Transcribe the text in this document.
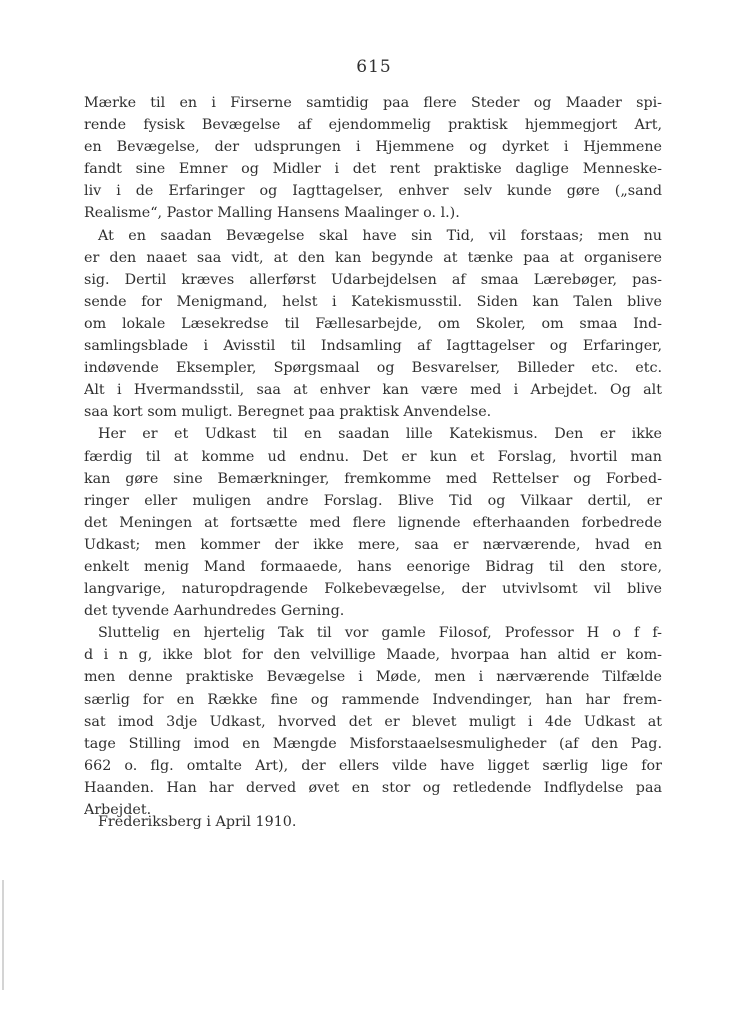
615
Mærke til en i Firserne samtidig paa flere Steder og Maader spi-
rende fysisk Bevægelse af ejendommelig praktisk hjemmegjort Art,
en Bevægelse, der udsprungen i Hjemmene og dyrket i Hjemmene
fandt sine Emner og Midler i det rent praktiske daglige Menneske-
liv i de Erfaringer og Iagttagelser, enhver selv kunde gøre („sand
Realisme“, Pastor Malling Hansens Maalinger o. l.).
At en saadan Bevægelse skal have sin Tid, vil forstaas; men nu
er den naaet saa vidt, at den kan begynde at tænke paa at organisere
sig. Dertil kræves allerførst Udarbejdelsen af smaa Lærebøger, pas-
sende for Menigmand, helst i Katekismusstil. Siden kan Talen blive
om lokale Læsekredse til Fællesarbejde, om Skoler, om smaa Ind-
samlingsblade i Avisstil til Indsamling af Iagttagelser og Erfaringer,
indøvende Eksempler, Spørgsmaal og Besvarelser, Billeder etc. etc.
Alt i Hvermandsstil, saa at enhver kan være med i Arbejdet. Og alt
saa kort som muligt. Beregnet paa praktisk Anvendelse.
Her er et Udkast til en saadan lille Katekismus. Den er ikke
færdig til at komme ud endnu. Det er kun et Forslag, hvortil man
kan gøre sine Bemærkninger, fremkomme med Rettelser og Forbed-
ringer eller muligen andre Forslag. Blive Tid og Vilkaar dertil, er
det Meningen at fortsætte med flere lignende efterhaanden forbedrede
Udkast; men kommer der ikke mere, saa er nærværende, hvad en
enkelt menig Mand formaaede, hans eenorige Bidrag til den store,
langvarige, naturopdragende Folkebevægelse, der utvivlsomt vil blive
det tyvende Aarhundredes Gerning.
Sluttelig en hjertelig Tak til vor gamle Filosof, Professor H o f f-
d i n g, ikke blot for den velvillige Maade, hvorpaa han altid er kom-
men denne praktiske Bevægelse i Møde, men i nærværende Tilfælde
særlig for en Række fine og rammende Indvendinger, han har frem-
sat imod 3dje Udkast, hvorved det er blevet muligt i 4de Udkast at
tage Stilling imod en Mængde Misforstaaelsesmuligheder (af den Pag.
662 o. flg. omtalte Art), der ellers vilde have ligget særlig lige for
Haanden. Han har derved øvet en stor og retledende Indflydelse paa
Arbejdet.
Frederiksberg i April 1910.
